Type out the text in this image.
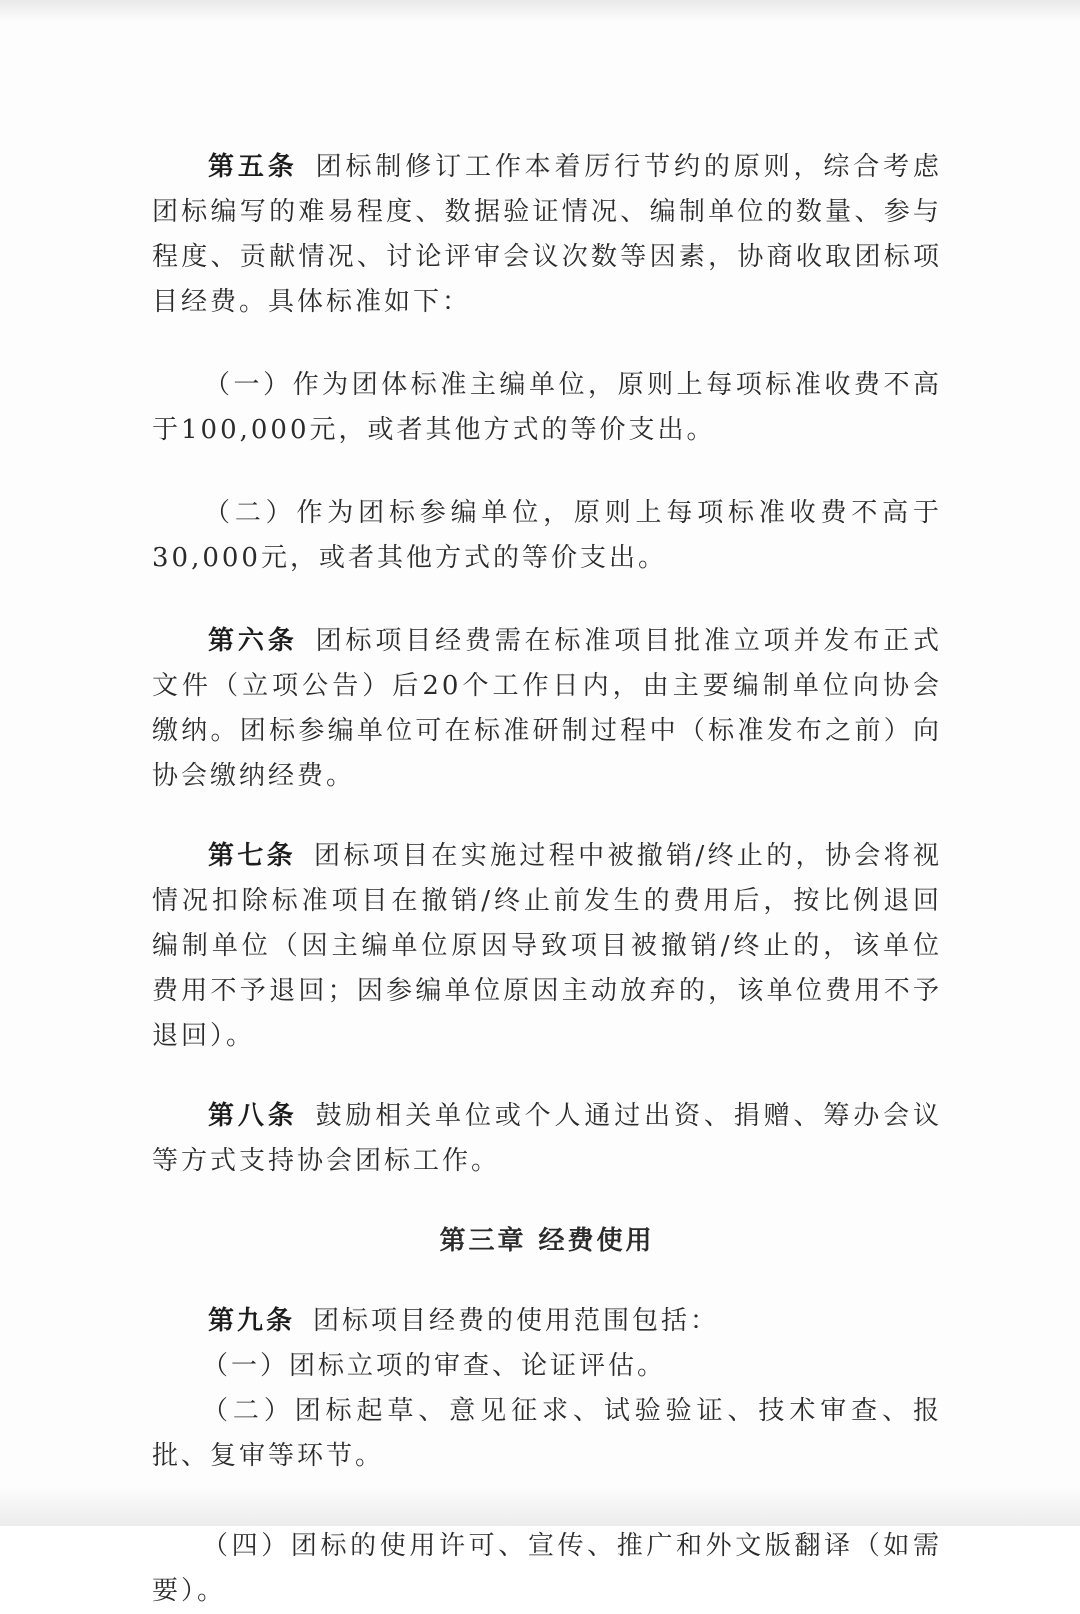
第五条 团标制修订工作本着厉行节约的原则，综合考虑团标编写的难易程度、数据验证情况、编制单位的数量、参与程度、贡献情况、讨论评审会议次数等因素，协商收取团标项目经费。具体标准如下：

（一）作为团体标准主编单位，原则上每项标准收费不高于100,000元，或者其他方式的等价支出。

（二）作为团标参编单位，原则上每项标准收费不高于30,000元，或者其他方式的等价支出。

第六条 团标项目经费需在标准项目批准立项并发布正式文件（立项公告）后20个工作日内，由主要编制单位向协会缴纳。团标参编单位可在标准研制过程中（标准发布之前）向协会缴纳经费。

第七条 团标项目在实施过程中被撤销/终止的，协会将视情况扣除标准项目在撤销/终止前发生的费用后，按比例退回编制单位（因主编单位原因导致项目被撤销/终止的，该单位费用不予退回；因参编单位原因主动放弃的，该单位费用不予退回）。

第八条 鼓励相关单位或个人通过出资、捐赠、筹办会议等方式支持协会团标工作。

第三章 经费使用

第九条 团标项目经费的使用范围包括：

（一）团标立项的审查、论证评估。
（二）团标起草、意见征求、试验验证、技术审查、报批、复审等环节。
（四）团标的使用许可、宣传、推广和外文版翻译（如需要）。
